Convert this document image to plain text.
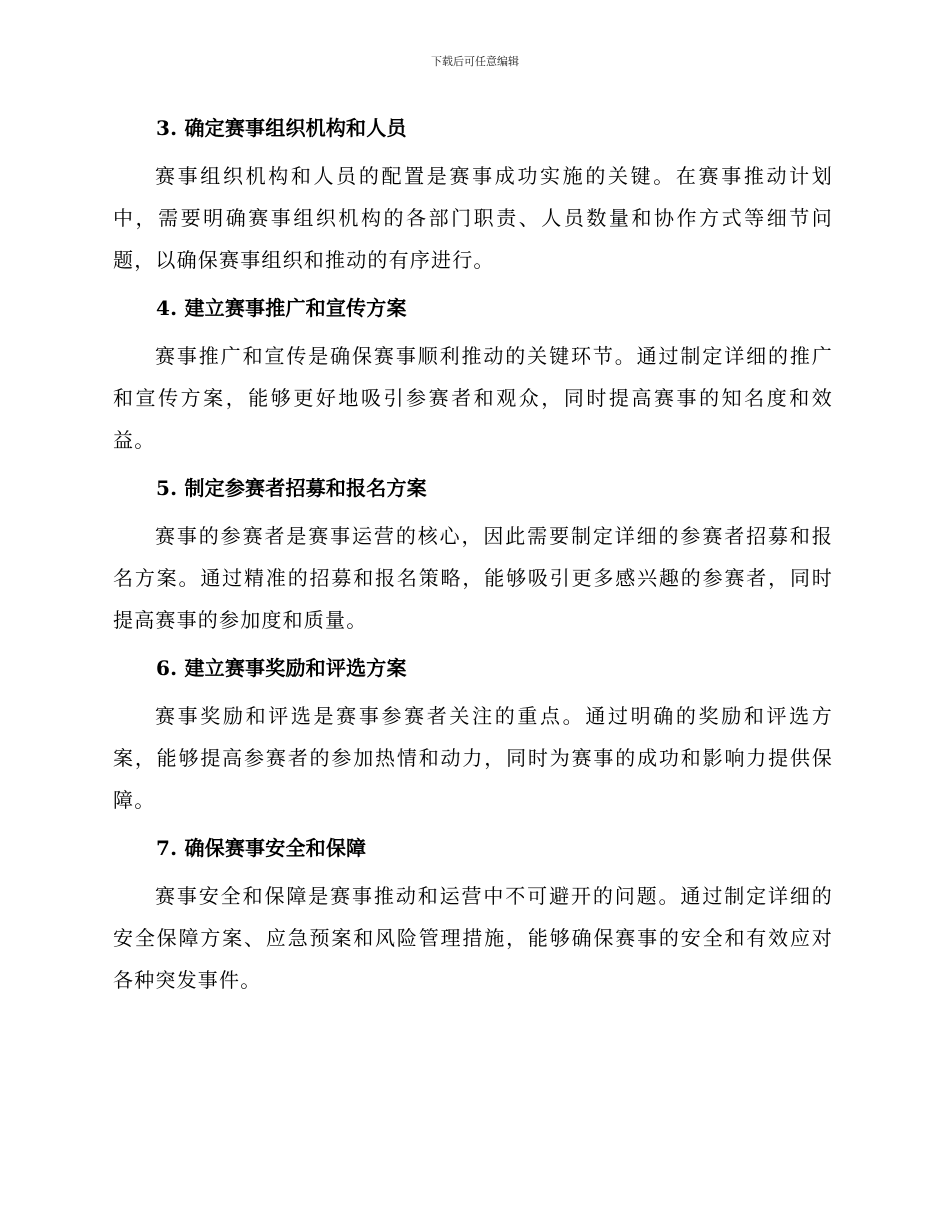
下载后可任意编辑

3. 确定赛事组织机构和人员

赛事组织机构和人员的配置是赛事成功实施的关键。在赛事推动计划中，需要明确赛事组织机构的各部门职责、人员数量和协作方式等细节问题，以确保赛事组织和推动的有序进行。

4. 建立赛事推广和宣传方案

赛事推广和宣传是确保赛事顺利推动的关键环节。通过制定详细的推广和宣传方案，能够更好地吸引参赛者和观众，同时提高赛事的知名度和效益。

5. 制定参赛者招募和报名方案

赛事的参赛者是赛事运营的核心，因此需要制定详细的参赛者招募和报名方案。通过精准的招募和报名策略，能够吸引更多感兴趣的参赛者，同时提高赛事的参加度和质量。

6. 建立赛事奖励和评选方案

赛事奖励和评选是赛事参赛者关注的重点。通过明确的奖励和评选方案，能够提高参赛者的参加热情和动力，同时为赛事的成功和影响力提供保障。

7. 确保赛事安全和保障

赛事安全和保障是赛事推动和运营中不可避开的问题。通过制定详细的安全保障方案、应急预案和风险管理措施，能够确保赛事的安全和有效应对各种突发事件。
